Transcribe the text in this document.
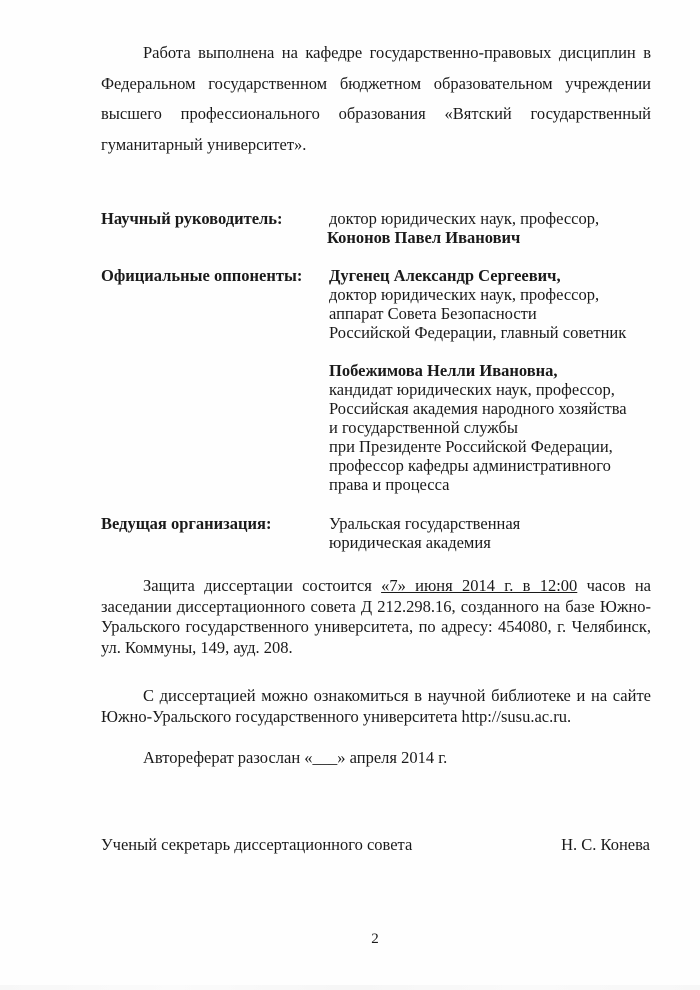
Работа выполнена на кафедре государственно-правовых дисциплин в

Федеральном государственном бюджетном образовательном учреждении

высшего профессионального образования «Вятский государственный

гуманитарный университет».

Научный руководитель:	доктор юридических наук, профессор,
Кононов Павел Иванович
Официальные оппоненты: Дугенец Александр Сергеевич,
доктор юридических наук, профессор,
аппарат Совета Безопасности
Российской Федерации, главный советник
Побежимова Нелли Ивановна,
кандидат юридических наук, профессор,
Российская академия народного хозяйства
и государственной службы
при Президенте Российской Федерации,
профессор кафедры административного
права и процесса
Ведущая организация:	Уральская государственная
юридическая академия

Защита диссертации состоится «7» июня 2014 г. в 12:00 часов на

заседании диссертационного совета Д 212.298.16, созданного на базе Южно-

Уральского государственного университета, по адресу: 454080, г. Челябинск,

ул. Коммуны, 149, ауд. 208.

С диссертацией можно ознакомиться в научной библиотеке и на сайте

Южно-Уральского государственного университета http://susu.ac.ru.

Автореферат разослан «___» апреля 2014 г.

Ученый секретарь диссертационного совета	Н. С. Конева
2
